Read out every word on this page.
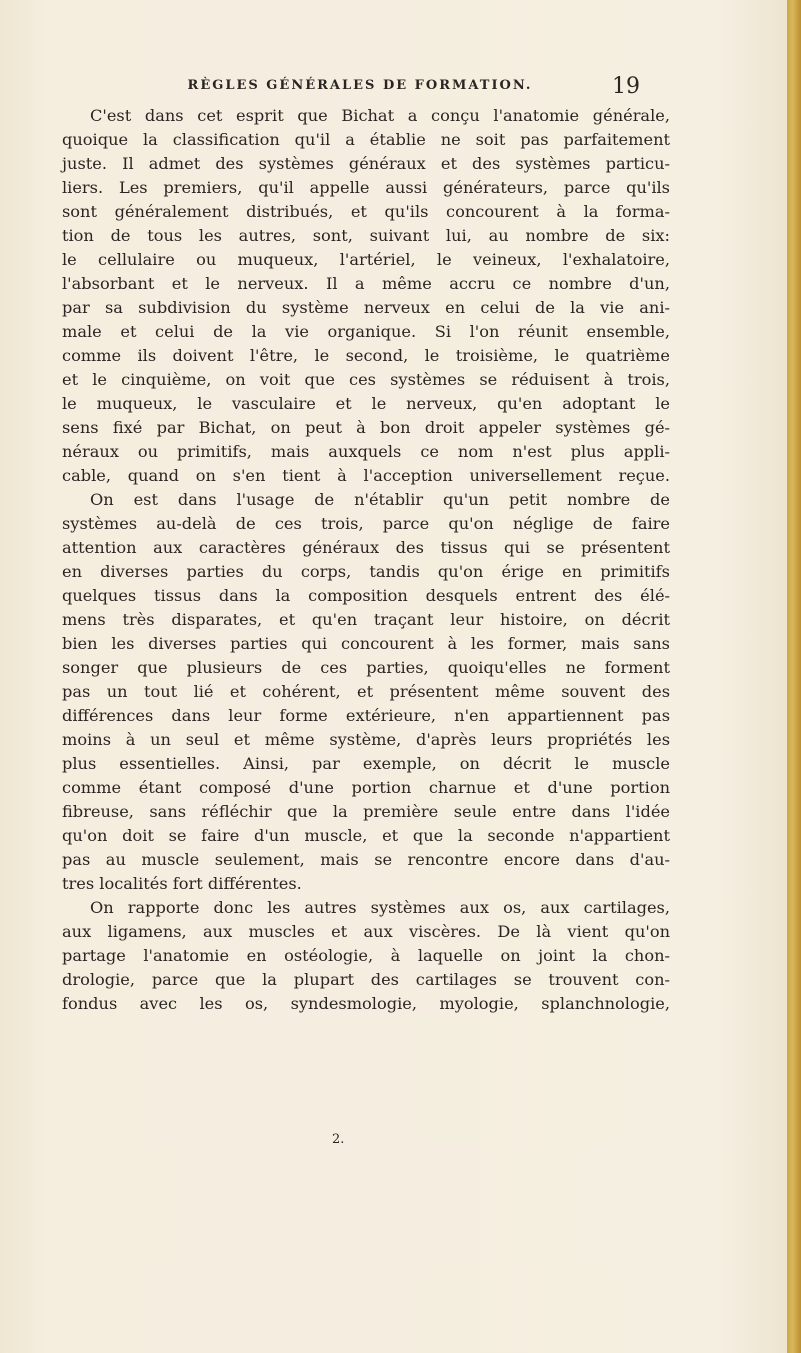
RÈGLES GÉNÉRALES DE FORMATION.	19
C'est dans cet esprit que Bichat a conçu l'anatomie générale,
quoique la classification qu'il a établie ne soit pas parfaitement
juste. Il admet des systèmes généraux et des systèmes particu-
liers. Les premiers, qu'il appelle aussi générateurs, parce qu'ils
sont généralement distribués, et qu'ils concourent à la forma-
tion de tous les autres, sont, suivant lui, au nombre de six:
le cellulaire ou muqueux, l'artériel, le veineux, l'exhalatoire,
l'absorbant et le nerveux. Il a même accru ce nombre d'un,
par sa subdivision du système nerveux en celui de la vie ani-
male et celui de la vie organique. Si l'on réunit ensemble,
comme ils doivent l'être, le second, le troisième, le quatrième
et le cinquième, on voit que ces systèmes se réduisent à trois,
le muqueux, le vasculaire et le nerveux, qu'en adoptant le
sens fixé par Bichat, on peut à bon droit appeler systèmes gé-
néraux ou primitifs, mais auxquels ce nom n'est plus appli-
cable, quand on s'en tient à l'acception universellement reçue.
On est dans l'usage de n'établir qu'un petit nombre de
systèmes au-delà de ces trois, parce qu'on néglige de faire
attention aux caractères généraux des tissus qui se présentent
en diverses parties du corps, tandis qu'on érige en primitifs
quelques tissus dans la composition desquels entrent des élé-
mens très disparates, et qu'en traçant leur histoire, on décrit
bien les diverses parties qui concourent à les former, mais sans
songer que plusieurs de ces parties, quoiqu'elles ne forment
pas un tout lié et cohérent, et présentent même souvent des
différences dans leur forme extérieure, n'en appartiennent pas
moins à un seul et même système, d'après leurs propriétés les
plus essentielles. Ainsi, par exemple, on décrit le muscle
comme étant composé d'une portion charnue et d'une portion
fibreuse, sans réfléchir que la première seule entre dans l'idée
qu'on doit se faire d'un muscle, et que la seconde n'appartient
pas au muscle seulement, mais se rencontre encore dans d'au-
tres localités fort différentes.
On rapporte donc les autres systèmes aux os, aux cartilages,
aux ligamens, aux muscles et aux viscères. De là vient qu'on
partage l'anatomie en ostéologie, à laquelle on joint la chon-
drologie, parce que la plupart des cartilages se trouvent con-
fondus avec les os, syndesmologie, myologie, splanchnologie,
2.
